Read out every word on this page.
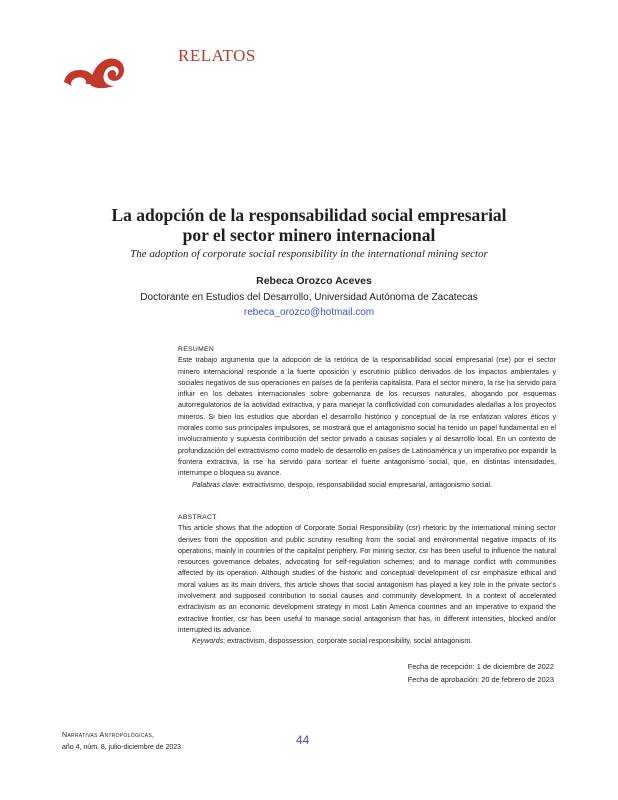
RELATOS
La adopción de la responsabilidad social empresarial
por el sector minero internacional
The adoption of corporate social responsibility in the international mining sector
Rebeca Orozco Aceves
Doctorante en Estudios del Desarrollo, Universidad Autónoma de Zacatecas
rebeca_orozco@hotmail.com
RESUMEN
Este trabajo argumenta que la adopción de la retórica de la responsabilidad social empresarial (rse) por el sector minero internacional responde a la fuerte oposición y escrutinio público derivados de los impactos ambientales y sociales negativos de sus operaciones en países de la periferia capitalista. Para el sector minero, la rse ha servido para influir en los debates internacionales sobre gobernanza de los recursos naturales, abogando por esquemas autorregulatorios de la actividad extractiva, y para manejar la conflictividad con comunidades aledañas a los proyectos mineros. Si bien los estudios que abordan el desarrollo histórico y conceptual de la rse enfatizan valores éticos y morales como sus principales impulsores, se mostrará que el antagonismo social ha tenido un papel fundamental en el involucramiento y supuesta contribución del sector privado a causas sociales y al desarrollo local. En un contexto de profundización del extractivismo como modelo de desarrollo en países de Latinoamérica y un imperativo por expandir la frontera extractiva, la rse ha servido para sortear el fuerte antagonismo social, que, en distintas intensidades, interrumpe o bloquea su avance.
Palabras clave: extractivismo, despojo, responsabilidad social empresarial, antagonismo social.
ABSTRACT
This article shows that the adoption of Corporate Social Responsibility (csr) rhetoric by the international mining sector derives from the opposition and public scrutiny resulting from the social and environmental negative impacts of its operations, mainly in countries of the capitalist periphery. For mining sector, csr has been useful to influence the natural resources governance debates, advocating for self-regulation schemes; and to manage conflict with communities affected by its operation. Although studies of the historic and conceptual development of csr emphasize ethical and moral values as its main drivers, this article shows that social antagonism has played a key role in the private sector's involvement and supposed contribution to social causes and community development. In a context of accelerated extractivism as an economic development strategy in most Latin America countries and an imperative to expand the extractive frontier, csr has been useful to manage social antagonism that has, in different intensities, blocked and/or interrupted its advance.
Keywords: extractivism, dispossession, corporate social responsibility, social antagonism.
Fecha de recepción: 1 de diciembre de 2022
Fecha de aprobación: 20 de febrero de 2023
Narrativas Antropológicas,
año 4, núm. 8, julio-diciembre de 2023
44
